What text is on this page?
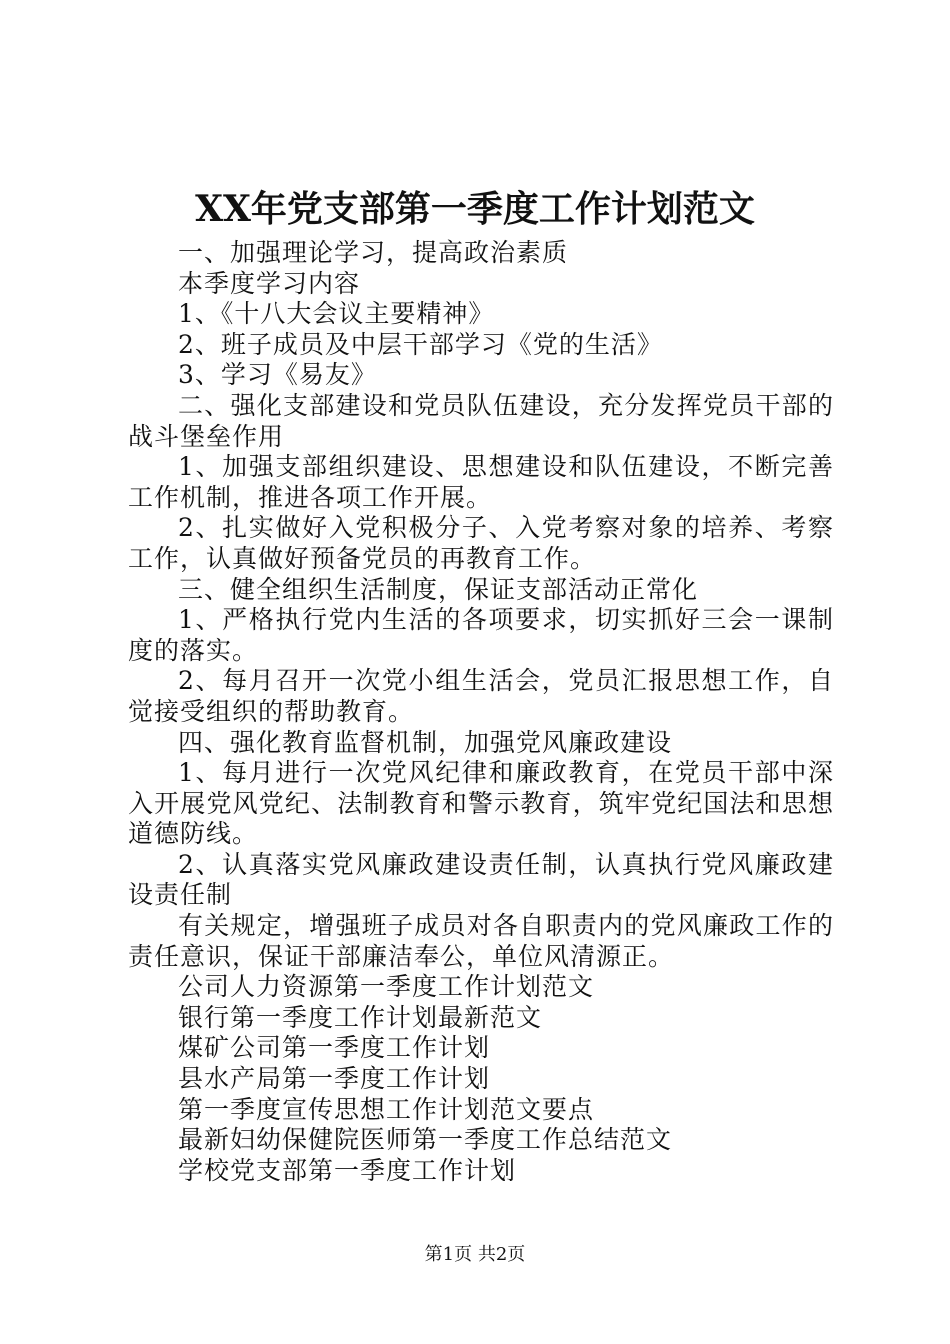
XX年党支部第一季度工作计划范文

一、加强理论学习，提高政治素质

本季度学习内容

1、《十八大会议主要精神》

2、班子成员及中层干部学习《党的生活》

3、学习《易友》

二、强化支部建设和党员队伍建设，充分发挥党员干部的战斗堡垒作用

1、加强支部组织建设、思想建设和队伍建设，不断完善工作机制，推进各项工作开展。

2、扎实做好入党积极分子、入党考察对象的培养、考察工作，认真做好预备党员的再教育工作。

三、健全组织生活制度，保证支部活动正常化

1、严格执行党内生活的各项要求，切实抓好三会一课制度的落实。

2、每月召开一次党小组生活会，党员汇报思想工作，自觉接受组织的帮助教育。

四、强化教育监督机制，加强党风廉政建设

1、每月进行一次党风纪律和廉政教育，在党员干部中深入开展党风党纪、法制教育和警示教育，筑牢党纪国法和思想道德防线。

2、认真落实党风廉政建设责任制，认真执行党风廉政建设责任制

有关规定，增强班子成员对各自职责内的党风廉政工作的责任意识，保证干部廉洁奉公，单位风清源正。

公司人力资源第一季度工作计划范文

银行第一季度工作计划最新范文

煤矿公司第一季度工作计划

县水产局第一季度工作计划

第一季度宣传思想工作计划范文要点

最新妇幼保健院医师第一季度工作总结范文

学校党支部第一季度工作计划

第1页 共2页
